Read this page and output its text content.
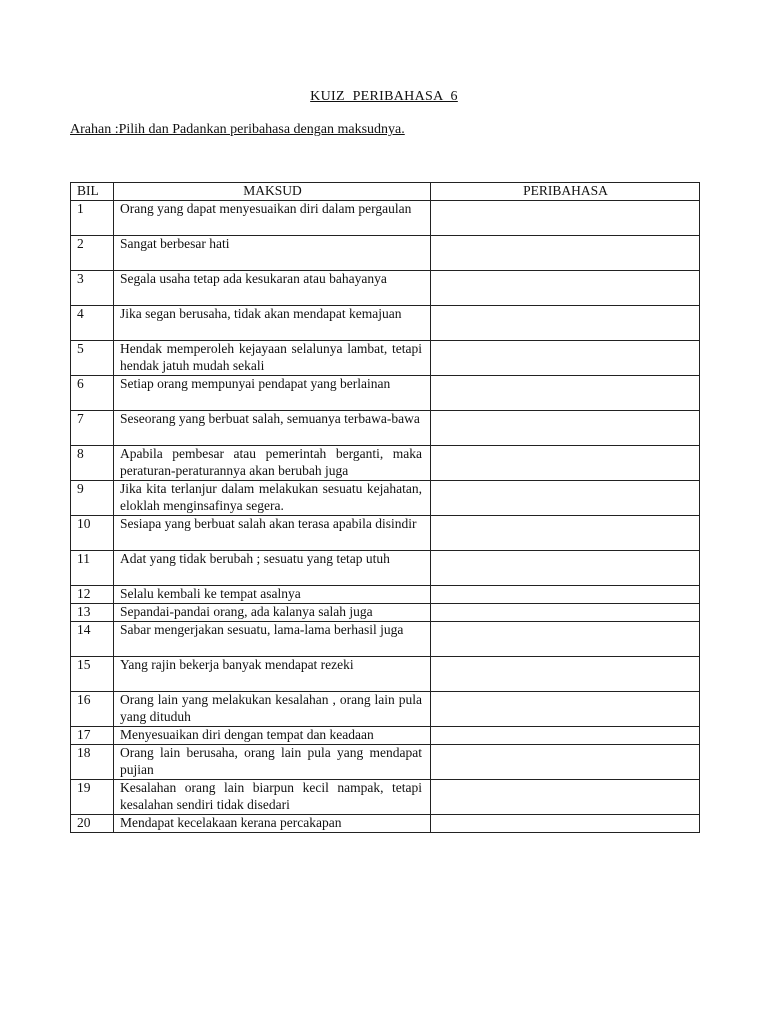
KUIZ PERIBAHASA 6
Arahan :Pilih dan Padankan peribahasa dengan maksudnya.
BIL	MAKSUD	PERIBAHASA
1	Orang yang dapat menyesuaikan diri dalam pergaulan	
2	Sangat berbesar hati	
3	Segala usaha tetap ada kesukaran atau bahayanya	
4	Jika segan berusaha, tidak akan mendapat kemajuan	
5	Hendak memperoleh kejayaan selalunya lambat, tetapi hendak jatuh mudah sekali	
6	Setiap orang mempunyai pendapat yang berlainan	
7	Seseorang yang berbuat salah, semuanya terbawa-bawa	
8	Apabila pembesar atau pemerintah berganti, maka peraturan-peraturannya akan berubah juga	
9	Jika kita terlanjur dalam melakukan sesuatu kejahatan, eloklah menginsafinya segera.	
10	Sesiapa yang berbuat salah akan terasa apabila disindir	
11	Adat yang tidak berubah ; sesuatu yang tetap utuh	
12	Selalu kembali ke tempat asalnya	
13	Sepandai-pandai orang, ada kalanya salah juga	
14	Sabar mengerjakan sesuatu, lama-lama berhasil juga	
15	Yang rajin bekerja banyak mendapat rezeki	
16	Orang lain yang melakukan kesalahan , orang lain pula yang dituduh	
17	Menyesuaikan diri dengan tempat dan keadaan	
18	Orang lain berusaha, orang lain pula yang mendapat pujian	
19	Kesalahan orang lain biarpun kecil nampak, tetapi kesalahan sendiri tidak disedari	
20	Mendapat kecelakaan kerana percakapan	
